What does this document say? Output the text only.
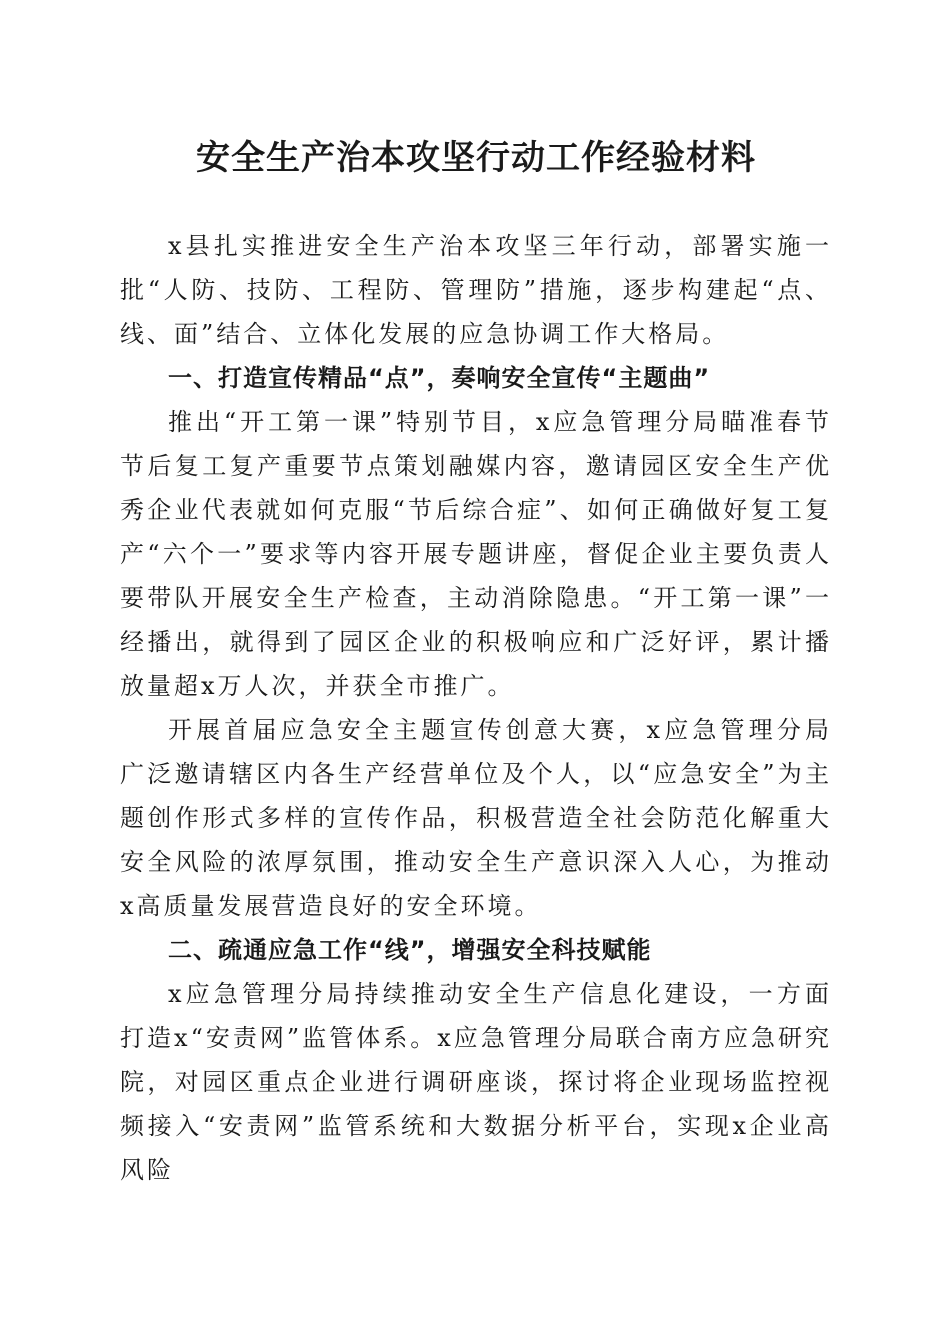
安全生产治本攻坚行动工作经验材料

x县扎实推进安全生产治本攻坚三年行动，部署实施一批“人防、技防、工程防、管理防”措施，逐步构建起“点、线、面”结合、立体化发展的应急协调工作大格局。

一、打造宣传精品“点”，奏响安全宣传“主题曲”

推出“开工第一课”特别节目，x应急管理分局瞄准春节节后复工复产重要节点策划融媒内容，邀请园区安全生产优秀企业代表就如何克服“节后综合症”、如何正确做好复工复产“六个一”要求等内容开展专题讲座，督促企业主要负责人要带队开展安全生产检查，主动消除隐患。“开工第一课”一经播出，就得到了园区企业的积极响应和广泛好评，累计播放量超x万人次，并获全市推广。

开展首届应急安全主题宣传创意大赛，x应急管理分局广泛邀请辖区内各生产经营单位及个人，以“应急安全”为主题创作形式多样的宣传作品，积极营造全社会防范化解重大安全风险的浓厚氛围，推动安全生产意识深入人心，为推动x高质量发展营造良好的安全环境。

二、疏通应急工作“线”，增强安全科技赋能

x应急管理分局持续推动安全生产信息化建设，一方面打造x“安责网”监管体系。x应急管理分局联合南方应急研究院，对园区重点企业进行调研座谈，探讨将企业现场监控视频接入“安责网”监管系统和大数据分析平台，实现x企业高风险
